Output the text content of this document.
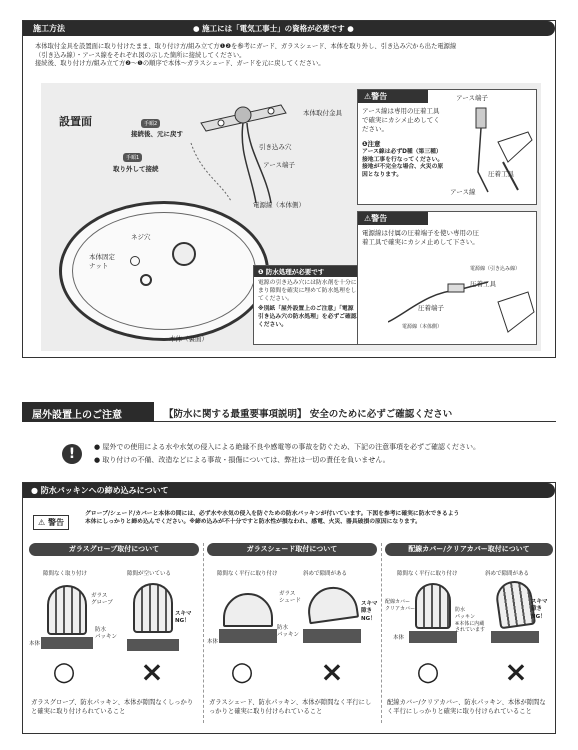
施工方法	● 施工には「電気工事士」の資格が必要です ●
本体取付金具を設置面に取り付けたまま、取り付け方/組み立て方❶❷を参考にガード、ガラスシェード、本体を取り外し、引き込み穴から出た電源線
（引き込み線）・アース線をそれぞれ図の示した箇所に接続してください。
接続後、取り付け方/組み立て方❷～❶の順序で本体～ガラスシェード、ガードを元に戻してください。
設置面	手順2
接続後、元に戻す
手順1
取り外して接続
本体取付金具
引き込み穴
アース端子
電源線（本体側）
ネジ穴
本体固定
ナット
本体（裏面）
❶ 防水処理が必要です
電源の引き込み穴には防水剤を十分にまり隙間を確実に埋めて防水処理をしてください。
※別紙「屋外設置上のご注意」「電源引き込み穴の防水処理」を必ずご確認ください。
⚠警告
アース線は専用の圧着工具で確実にカシメ止めしてください。
❶注意
アース線は必ずD種（第三種）接地工事を行なってください。接地が不完全な場合、火災の原因となります。
アース端子
圧着工具
アース線
⚠警告
電源線は付属の圧着端子を使い専用の圧着工具で確実にカシメ止めして下さい。
電源線（引き込み線）
圧着工具
圧着端子
電源線（本体側）
屋外設置上のご注意	【防水に関する最重要事項説明】 安全のために必ずご確認ください
!	● 屋外での使用による水や水気の侵入による絶縁不良や感電等の事故を防ぐため、下記の注意事項を必ずご確認ください。
● 取り付けの不備、改造などによる事故・損傷については、弊社は一切の責任を負いません。
● 防水パッキンへの締め込みについて
⚠ 警告
グローブ/シェード/カバーと本体の間には、必ず水や水気の侵入を防ぐための防水パッキンが付いています。下図を参考に確実に防水できるよう
本体にしっかりと締め込んでください。※締め込みが不十分ですと防水性が損なわれ、感電、火災、器具破損の原因になります。
ガラスグローブ取付について
隙間なく取り付け	隙間が空いている
ガラス
グローブ
防水
パッキン
本体
スキマ
NG！
○ ×
ガラスグローブ、防水パッキン、本体が隙間なくしっかりと確実に取り付けられていること
ガラスシェード取付について
隙間なく平行に取り付け	斜めで隙間がある
ガラス
シェード
防水
パッキン
本体
スキマ
隙き
NG！
○ ×
ガラスシェード、防水パッキン、本体が隙間なく平行にしっかりと確実に取り付けられていること
配線カバー/クリアカバー取付について
隙間なく平行に取り付け	斜めで隙間がある
配線カバー
クリアカバー	防水
パッキン
※本体に内蔵
されています
本体
スキマ
隙き
NG！
○ ×
配線カバー/クリアカバー、防水パッキン、本体が隙間なく平行にしっかりと確実に取り付けられていること
